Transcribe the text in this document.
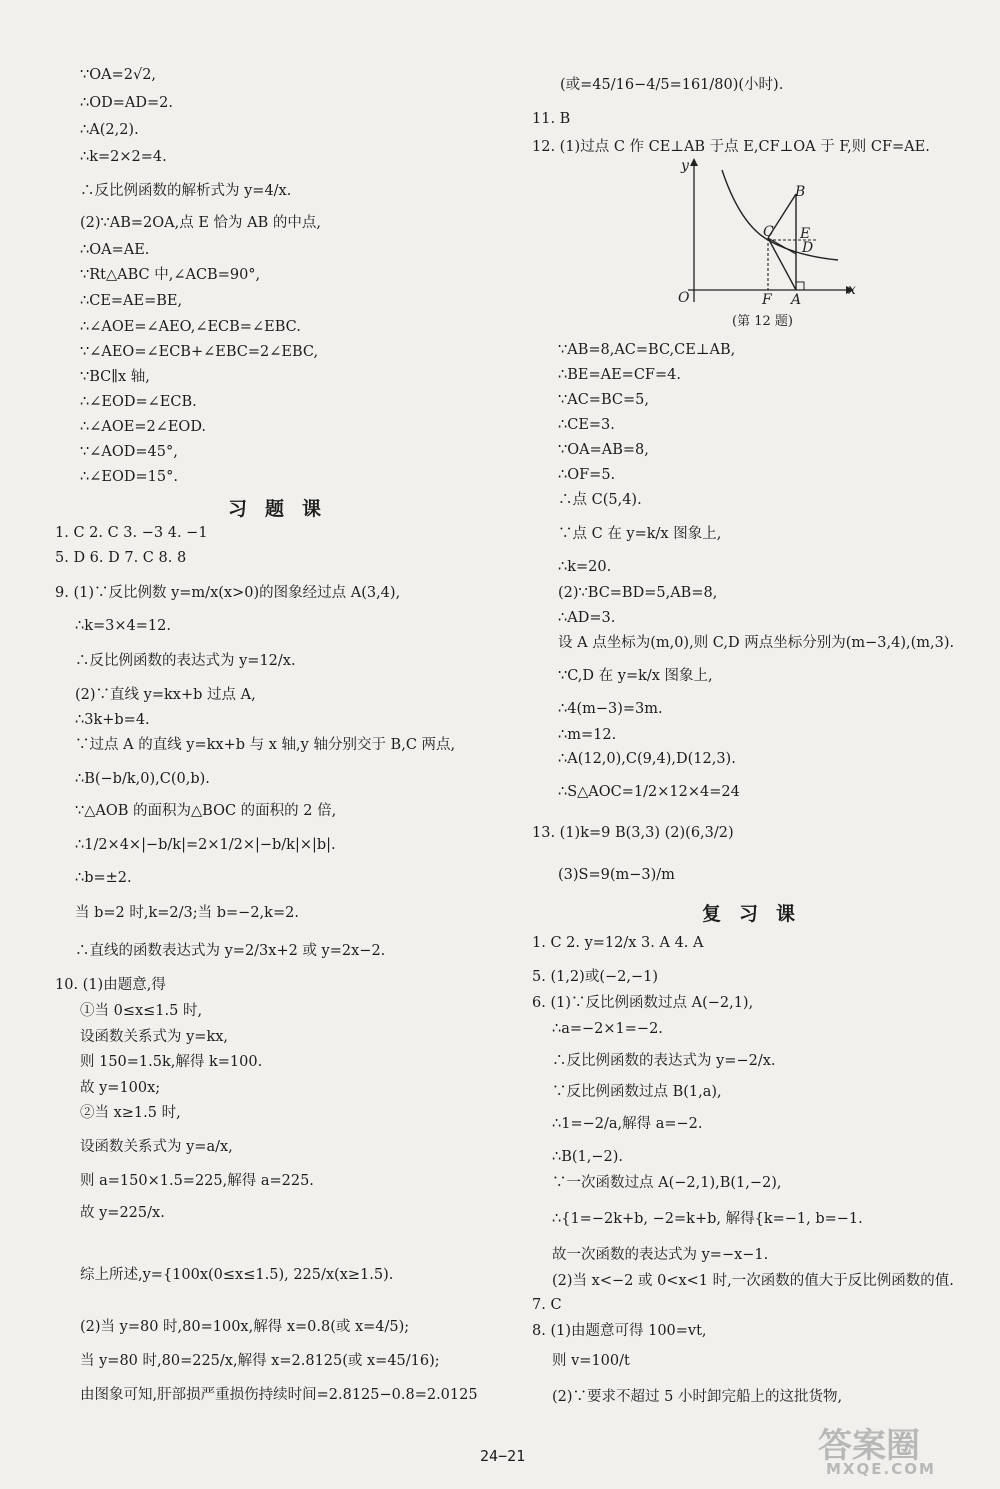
∵OA=2√2,
∴OD=AD=2.
∴A(2,2).
∴k=2×2=4.
∴反比例函数的解析式为 y=4/x.
(2)∵AB=2OA,点 E 恰为 AB 的中点,
∴OA=AE.
∵Rt△ABC 中,∠ACB=90°,
∴CE=AE=BE,
∴∠AOE=∠AEO,∠ECB=∠EBC.
∵∠AEO=∠ECB+∠EBC=2∠EBC,
∵BC∥x 轴,
∴∠EOD=∠ECB.
∴∠AOE=2∠EOD.
∵∠AOD=45°,
∴∠EOD=15°.
习题课
1. C 2. C 3. −3 4. −1
5. D 6. D 7. C 8. 8
9. (1)∵反比例数 y=m/x(x>0)的图象经过点 A(3,4),
∴k=3×4=12.
∴反比例函数的表达式为 y=12/x.
(2)∵直线 y=kx+b 过点 A,
∴3k+b=4.
∵过点 A 的直线 y=kx+b 与 x 轴,y 轴分别交于 B,C 两点,
∴B(−b/k,0),C(0,b).
∵△AOB 的面积为△BOC 的面积的 2 倍,
∴1/2×4×|−b/k|=2×1/2×|−b/k|×|b|.
∴b=±2.
当 b=2 时,k=2/3;当 b=−2,k=2.
∴直线的函数表达式为 y=2/3x+2 或 y=2x−2.
10. (1)由题意,得
①当 0≤x≤1.5 时,
设函数关系式为 y=kx,
则 150=1.5k,解得 k=100.
故 y=100x;
②当 x≥1.5 时,
设函数关系式为 y=a/x,
则 a=150×1.5=225,解得 a=225.
故 y=225/x.
综上所述,y={100x(0≤x≤1.5), 225/x(x≥1.5).
(2)当 y=80 时,80=100x,解得 x=0.8(或 x=4/5);
当 y=80 时,80=225/x,解得 x=2.8125(或 x=45/16);
由图象可知,肝部损严重损伤持续时间=2.8125−0.8=2.0125
(或=45/16−4/5=161/80)(小时).
11. B
12. (1)过点 C 作 CE⊥AB 于点 E,CF⊥OA 于 F,则 CF=AE.
y
x
O	F A
B
C E
D
(第 12 题)
∵AB=8,AC=BC,CE⊥AB,
∴BE=AE=CF=4.
∵AC=BC=5,
∴CE=3.
∵OA=AB=8,
∴OF=5.
∴点 C(5,4).
∵点 C 在 y=k/x 图象上,
∴k=20.
(2)∵BC=BD=5,AB=8,
∴AD=3.
设 A 点坐标为(m,0),则 C,D 两点坐标分别为(m−3,4),(m,3).
∵C,D 在 y=k/x 图象上,
∴4(m−3)=3m.
∴m=12.
∴A(12,0),C(9,4),D(12,3).
∴S△AOC=1/2×12×4=24
13. (1)k=9 B(3,3) (2)(6,3/2)
(3)S=9(m−3)/m
复习课
1. C 2. y=12/x 3. A 4. A
5. (1,2)或(−2,−1)
6. (1)∵反比例函数过点 A(−2,1),
∴a=−2×1=−2.
∴反比例函数的表达式为 y=−2/x.
∵反比例函数过点 B(1,a),
∴1=−2/a,解得 a=−2.
∴B(1,−2).
∵一次函数过点 A(−2,1),B(1,−2),
∴{1=−2k+b, −2=k+b, 解得{k=−1, b=−1.
故一次函数的表达式为 y=−x−1.
(2)当 x<−2 或 0<x<1 时,一次函数的值大于反比例函数的值.
7. C
8. (1)由题意可得 100=vt,
则 v=100/t
(2)∵要求不超过 5 小时卸完船上的这批货物,
24−21	答案圈
MXQE.COM
